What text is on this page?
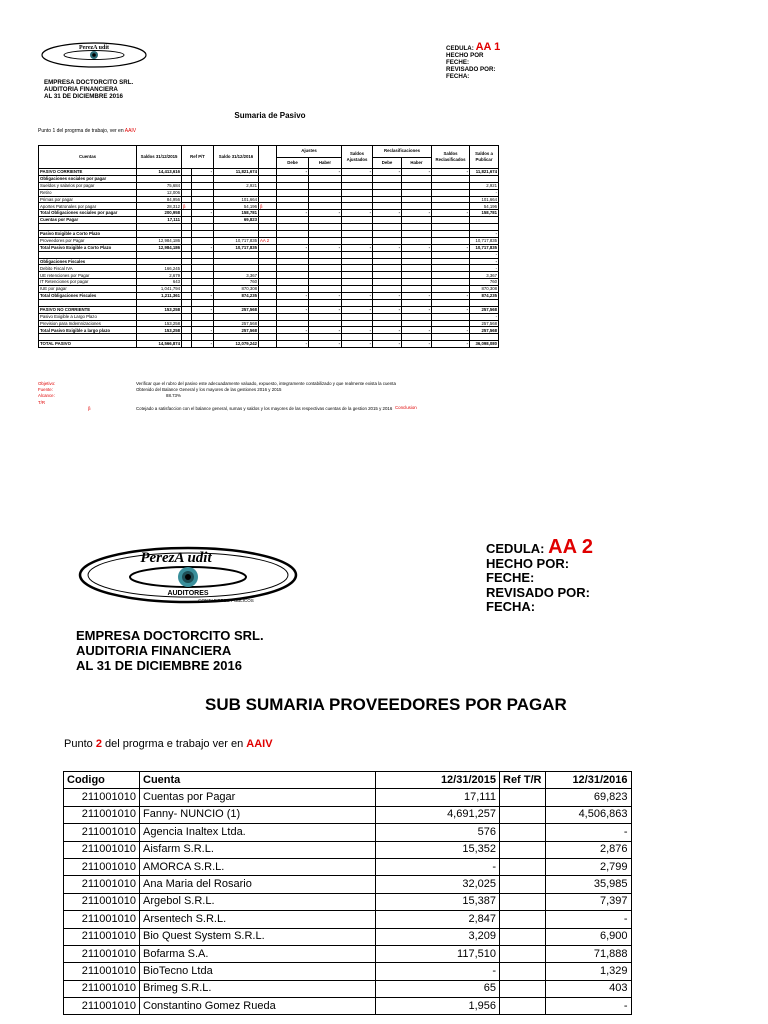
PerezA udit
EMPRESA DOCTORCITO SRL.
AUDITORIA FINANCIERA
AL 31 DE DICIEMBRE 2016
CEDULA: AA 1
HECHO POR
FECHE:
REVISADO POR:
FECHA:
Sumaria de Pasivo
Punto 1 del progrma de trabajo, ver en AAIV
Cuentas	Saldos 31/12/2015	Ref P/T		Saldo 31/12/2016		Ajustes		Saldos Ajustados	Reclasificaciones		Saldos Reclasificados	Saldos a Publicar
						Debe	Haber		Debe	Haber		
PASIVO CORRIENTE	14,413,616		-	11,821,674		-	-	-	-	-	-	11,821,674
Obligaciones sociales por pagar												
Sueldos y salarios por pagar	75,684			2,921								2,921
Retiro	12,006											-
Primas por pagar	84,956			101,664								101,664
Aportes Patronales por pagar	28,312	β		54,196	β							54,196
Total Obligaciones sociales por pagar	200,958		-	158,781		-	-	-	-	-	-	158,781
Cuentas por Pagar	17,111			69,823								

Pasivo Exigible a Corto Plazo												-
Proveedores por Pagar	12,984,186			10,717,835	AA 2							10,717,835
Total Pasivo Exigible a Corto Plazo	12,984,186		-	10,717,835		-	-	-	-	-	-	10,717,835
												-
Obligaciones Fiscales												-
Debito Fiscal IVA	166,245											-
UE retenciones por Pagar	2,679			3,367								3,367
IT Retenciones por pagar	643			760								760
IUE por pagar	1,041,794			870,308								870,308
Total Obligaciones Fiscales	1,211,361		-	874,235		-	-	-	-	-	-	874,235

PASIVO NO CORRIENTE	153,258		-	257,568		-	-	-	-	-	-	257,568
Pasivo Exigible a Largo Plazo												-
Prevision para Indemnizaciones	153,258			257,568								257,568
Total Pasivo Exigible a largo plazo	153,258		-	257,568		-	-	-	-	-	-	257,568

TOTAL PASIVO	14,566,874		-	12,079,242		-	-	-	-	-	-	36,098,080
Objetivo:	Verificar que el rubro del pasivo este adecuadamente valuado, expuesto, integramente contabilizado y que realmente exista la cuenta
Fuente:	Obtenido del Balance General y los mayores de las gestiones 2016 y 2015
Alcance:	88.73%
T/R
β	Cotejado a satisfaccion con el balance general, sumas y saldos y los mayores de las respectivas cuentas de la gestion 2015 y 2016 Conclusion
PerezA udit
AUDITORES
CONTADORES PUBLICOS
EMPRESA DOCTORCITO SRL.
AUDITORIA FINANCIERA
AL 31 DE DICIEMBRE 2016
CEDULA: AA 2
HECHO POR:
FECHE:
REVISADO POR:
FECHA:
SUB SUMARIA PROVEEDORES POR PAGAR
Punto 2 del progrma e trabajo ver en AAIV
Codigo	Cuenta	12/31/2015	Ref T/R	12/31/2016
211001010	Cuentas por Pagar	17,111		69,823
211001010	Fanny- NUNCIO (1)	4,691,257		4,506,863
211001010	Agencia Inaltex Ltda.	576		-
211001010	Aisfarm S.R.L.	15,352		2,876
211001010	AMORCA S.R.L.	-		2,799
211001010	Ana Maria del Rosario	32,025		35,985
211001010	Argebol S.R.L.	15,387		7,397
211001010	Arsentech S.R.L.	2,847		-
211001010	Bio Quest System S.R.L.	3,209		6,900
211001010	Bofarma S.A.	117,510		71,888
211001010	BioTecno Ltda	-		1,329
211001010	Brimeg S.R.L.	65		403
211001010	Constantino Gomez Rueda	1,956		-
